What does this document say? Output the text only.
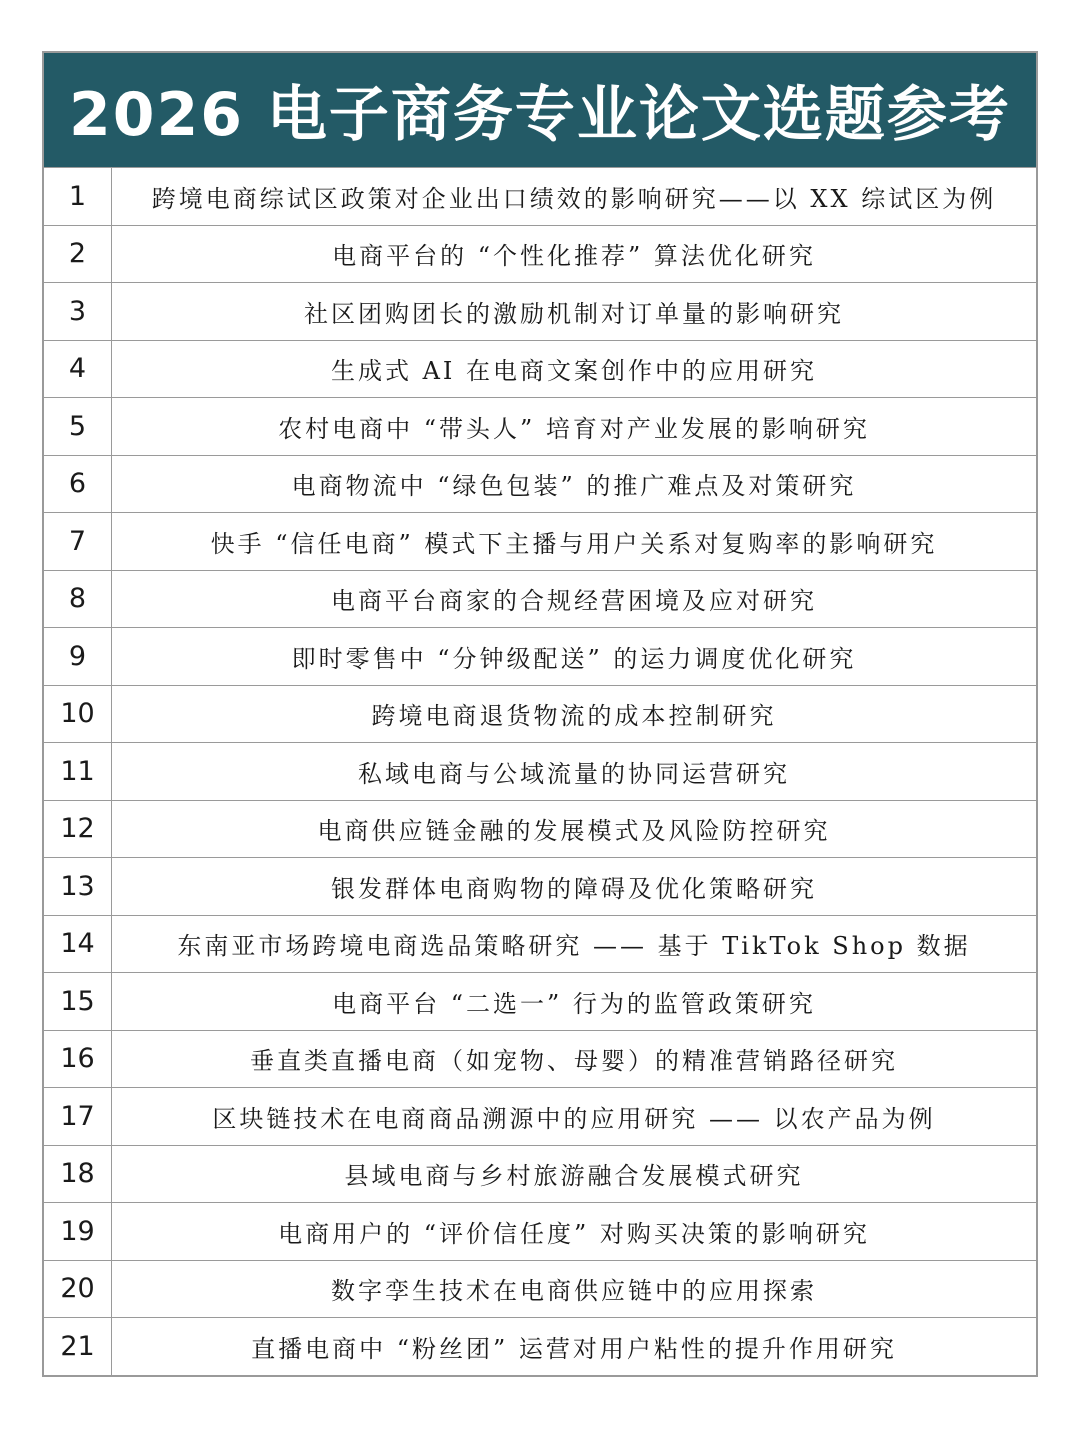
2026 电子商务专业论文选题参考
1	跨境电商综试区政策对企业出口绩效的影响研究——以 XX 综试区为例
2	电商平台的 “个性化推荐” 算法优化研究
3	社区团购团长的激励机制对订单量的影响研究
4	生成式 AI 在电商文案创作中的应用研究
5	农村电商中 “带头人” 培育对产业发展的影响研究
6	电商物流中 “绿色包装” 的推广难点及对策研究
7	快手 “信任电商” 模式下主播与用户关系对复购率的影响研究
8	电商平台商家的合规经营困境及应对研究
9	即时零售中 “分钟级配送” 的运力调度优化研究
10	跨境电商退货物流的成本控制研究
11	私域电商与公域流量的协同运营研究
12	电商供应链金融的发展模式及风险防控研究
13	银发群体电商购物的障碍及优化策略研究
14	东南亚市场跨境电商选品策略研究 —— 基于 TikTok Shop 数据
15	电商平台 “二选一” 行为的监管政策研究
16	垂直类直播电商（如宠物、母婴）的精准营销路径研究
17	区块链技术在电商商品溯源中的应用研究 —— 以农产品为例
18	县域电商与乡村旅游融合发展模式研究
19	电商用户的 “评价信任度” 对购买决策的影响研究
20	数字孪生技术在电商供应链中的应用探索
21	直播电商中 “粉丝团” 运营对用户粘性的提升作用研究
